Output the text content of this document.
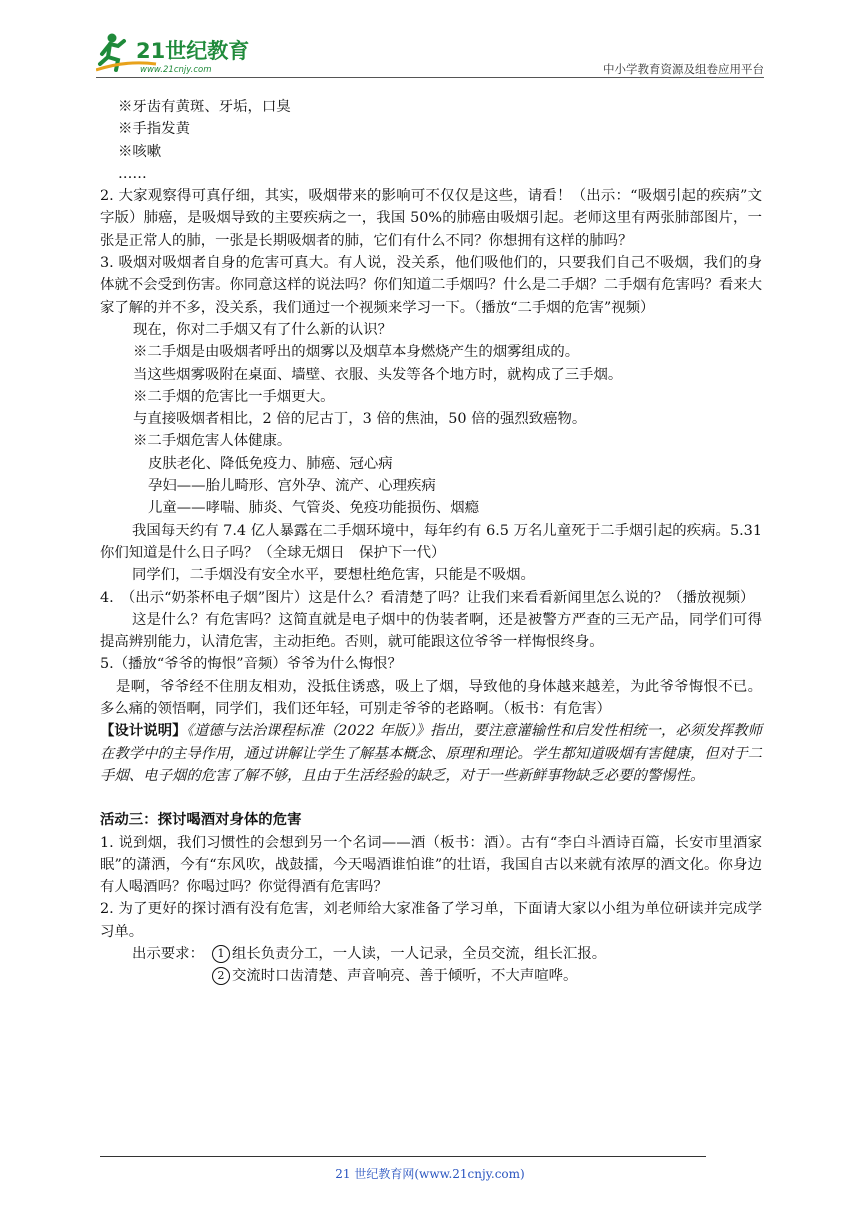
21世纪教育
www.21cnjy.com	中小学教育资源及组卷应用平台

※牙齿有黄斑、牙垢，口臭

※手指发黄

※咳嗽

……

2. 大家观察得可真仔细，其实，吸烟带来的影响可不仅仅是这些，请看！（出示：“吸烟引起的疾病”文字版）肺癌，是吸烟导致的主要疾病之一，我国 50%的肺癌由吸烟引起。老师这里有两张肺部图片，一张是正常人的肺，一张是长期吸烟者的肺，它们有什么不同？你想拥有这样的肺吗？

3. 吸烟对吸烟者自身的危害可真大。有人说，没关系，他们吸他们的，只要我们自己不吸烟，我们的身体就不会受到伤害。你同意这样的说法吗？你们知道二手烟吗？什么是二手烟？二手烟有危害吗？看来大家了解的并不多，没关系，我们通过一个视频来学习一下。（播放“二手烟的危害”视频）

现在，你对二手烟又有了什么新的认识？

※二手烟是由吸烟者呼出的烟雾以及烟草本身燃烧产生的烟雾组成的。

当这些烟雾吸附在桌面、墙壁、衣服、头发等各个地方时，就构成了三手烟。

※二手烟的危害比一手烟更大。

与直接吸烟者相比，2 倍的尼古丁，3 倍的焦油，50 倍的强烈致癌物。

※二手烟危害人体健康。

皮肤老化、降低免疫力、肺癌、冠心病

孕妇——胎儿畸形、宫外孕、流产、心理疾病

儿童——哮喘、肺炎、气管炎、免疫功能损伤、烟瘾

我国每天约有 7.4 亿人暴露在二手烟环境中，每年约有 6.5 万名儿童死于二手烟引起的疾病。5.31 你们知道是什么日子吗？（全球无烟日　保护下一代）

同学们，二手烟没有安全水平，要想杜绝危害，只能是不吸烟。

4.　（出示“奶茶杯电子烟”图片）这是什么？看清楚了吗？让我们来看看新闻里怎么说的？（播放视频）

这是什么？有危害吗？这简直就是电子烟中的伪装者啊，还是被警方严查的三无产品，同学们可得提高辨别能力，认清危害，主动拒绝。否则，就可能跟这位爷爷一样悔恨终身。

5.（播放“爷爷的悔恨”音频）爷爷为什么悔恨？

是啊，爷爷经不住朋友相劝，没抵住诱惑，吸上了烟，导致他的身体越来越差，为此爷爷悔恨不已。多么痛的领悟啊，同学们，我们还年轻，可别走爷爷的老路啊。（板书：有危害）

【设计说明】《道德与法治课程标准（2022 年版）》指出，要注意灌输性和启发性相统一，必须发挥教师在教学中的主导作用，通过讲解让学生了解基本概念、原理和理论。学生都知道吸烟有害健康，但对于二手烟、电子烟的危害了解不够，且由于生活经验的缺乏，对于一些新鲜事物缺乏必要的警惕性。

活动三：探讨喝酒对身体的危害

1. 说到烟，我们习惯性的会想到另一个名词——酒（板书：酒）。古有“李白斗酒诗百篇，长安市里酒家眠”的潇洒，今有“东风吹，战鼓擂，今天喝酒谁怕谁”的壮语，我国自古以来就有浓厚的酒文化。你身边有人喝酒吗？你喝过吗？你觉得酒有危害吗？

2. 为了更好的探讨酒有没有危害，刘老师给大家准备了学习单，下面请大家以小组为单位研读并完成学习单。

出示要求：	1 组长负责分工，一人读，一人记录，全员交流，组长汇报。

2 交流时口齿清楚、声音响亮、善于倾听，不大声喧哗。

21 世纪教育网(www.21cnjy.com)
